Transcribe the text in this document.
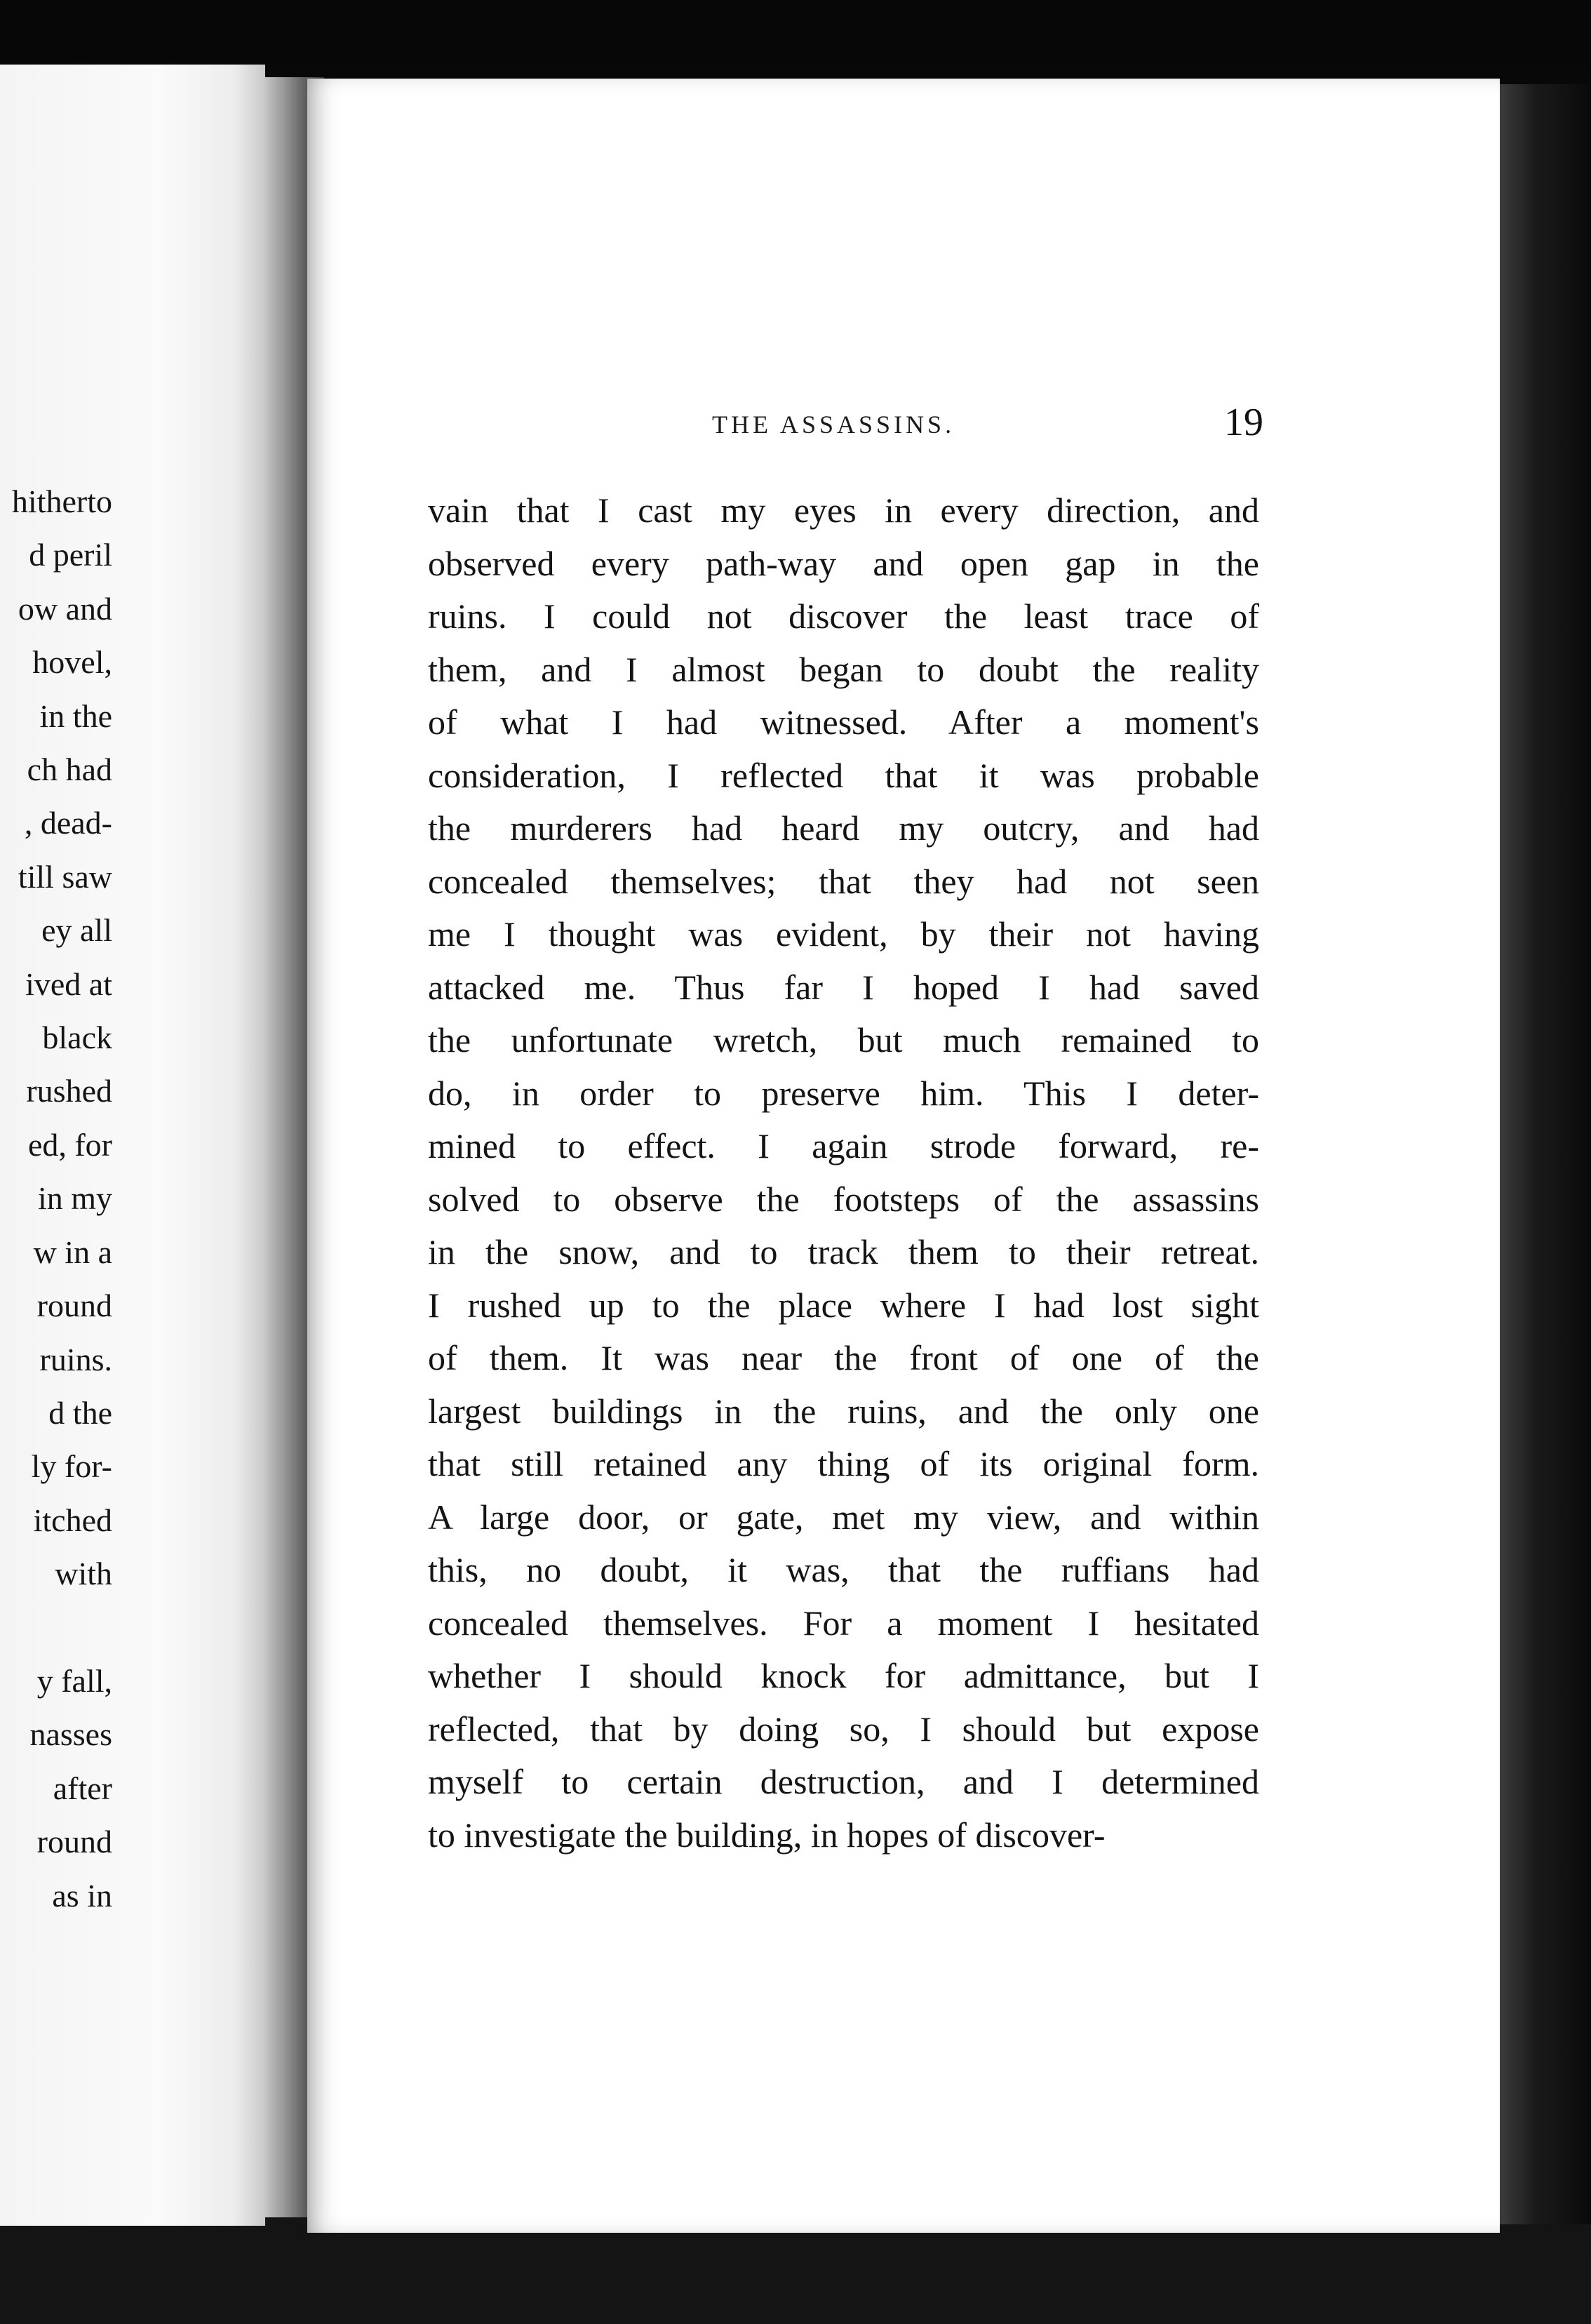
hitherto
d peril
ow and
hovel,
in the
ch had
, dead-
till saw
ey all
ived at
black
rushed
ed, for
in my
w in a
round
ruins.
d the
ly for-
itched
with
y fall,
nasses
after
round
as in
THE ASSASSINS.	19
vain that I cast my eyes in every direction, and
observed every path-way and open gap in the
ruins. I could not discover the least trace of
them, and I almost began to doubt the reality
of what I had witnessed. After a moment's
consideration, I reflected that it was probable
the murderers had heard my outcry, and had
concealed themselves; that they had not seen
me I thought was evident, by their not having
attacked me. Thus far I hoped I had saved
the unfortunate wretch, but much remained to
do, in order to preserve him. This I deter-
mined to effect. I again strode forward, re-
solved to observe the footsteps of the assassins
in the snow, and to track them to their retreat.
I rushed up to the place where I had lost sight
of them. It was near the front of one of the
largest buildings in the ruins, and the only one
that still retained any thing of its original form.
A large door, or gate, met my view, and within
this, no doubt, it was, that the ruffians had
concealed themselves. For a moment I hesitated
whether I should knock for admittance, but I
reflected, that by doing so, I should but expose
myself to certain destruction, and I determined
to investigate the building, in hopes of discover-
